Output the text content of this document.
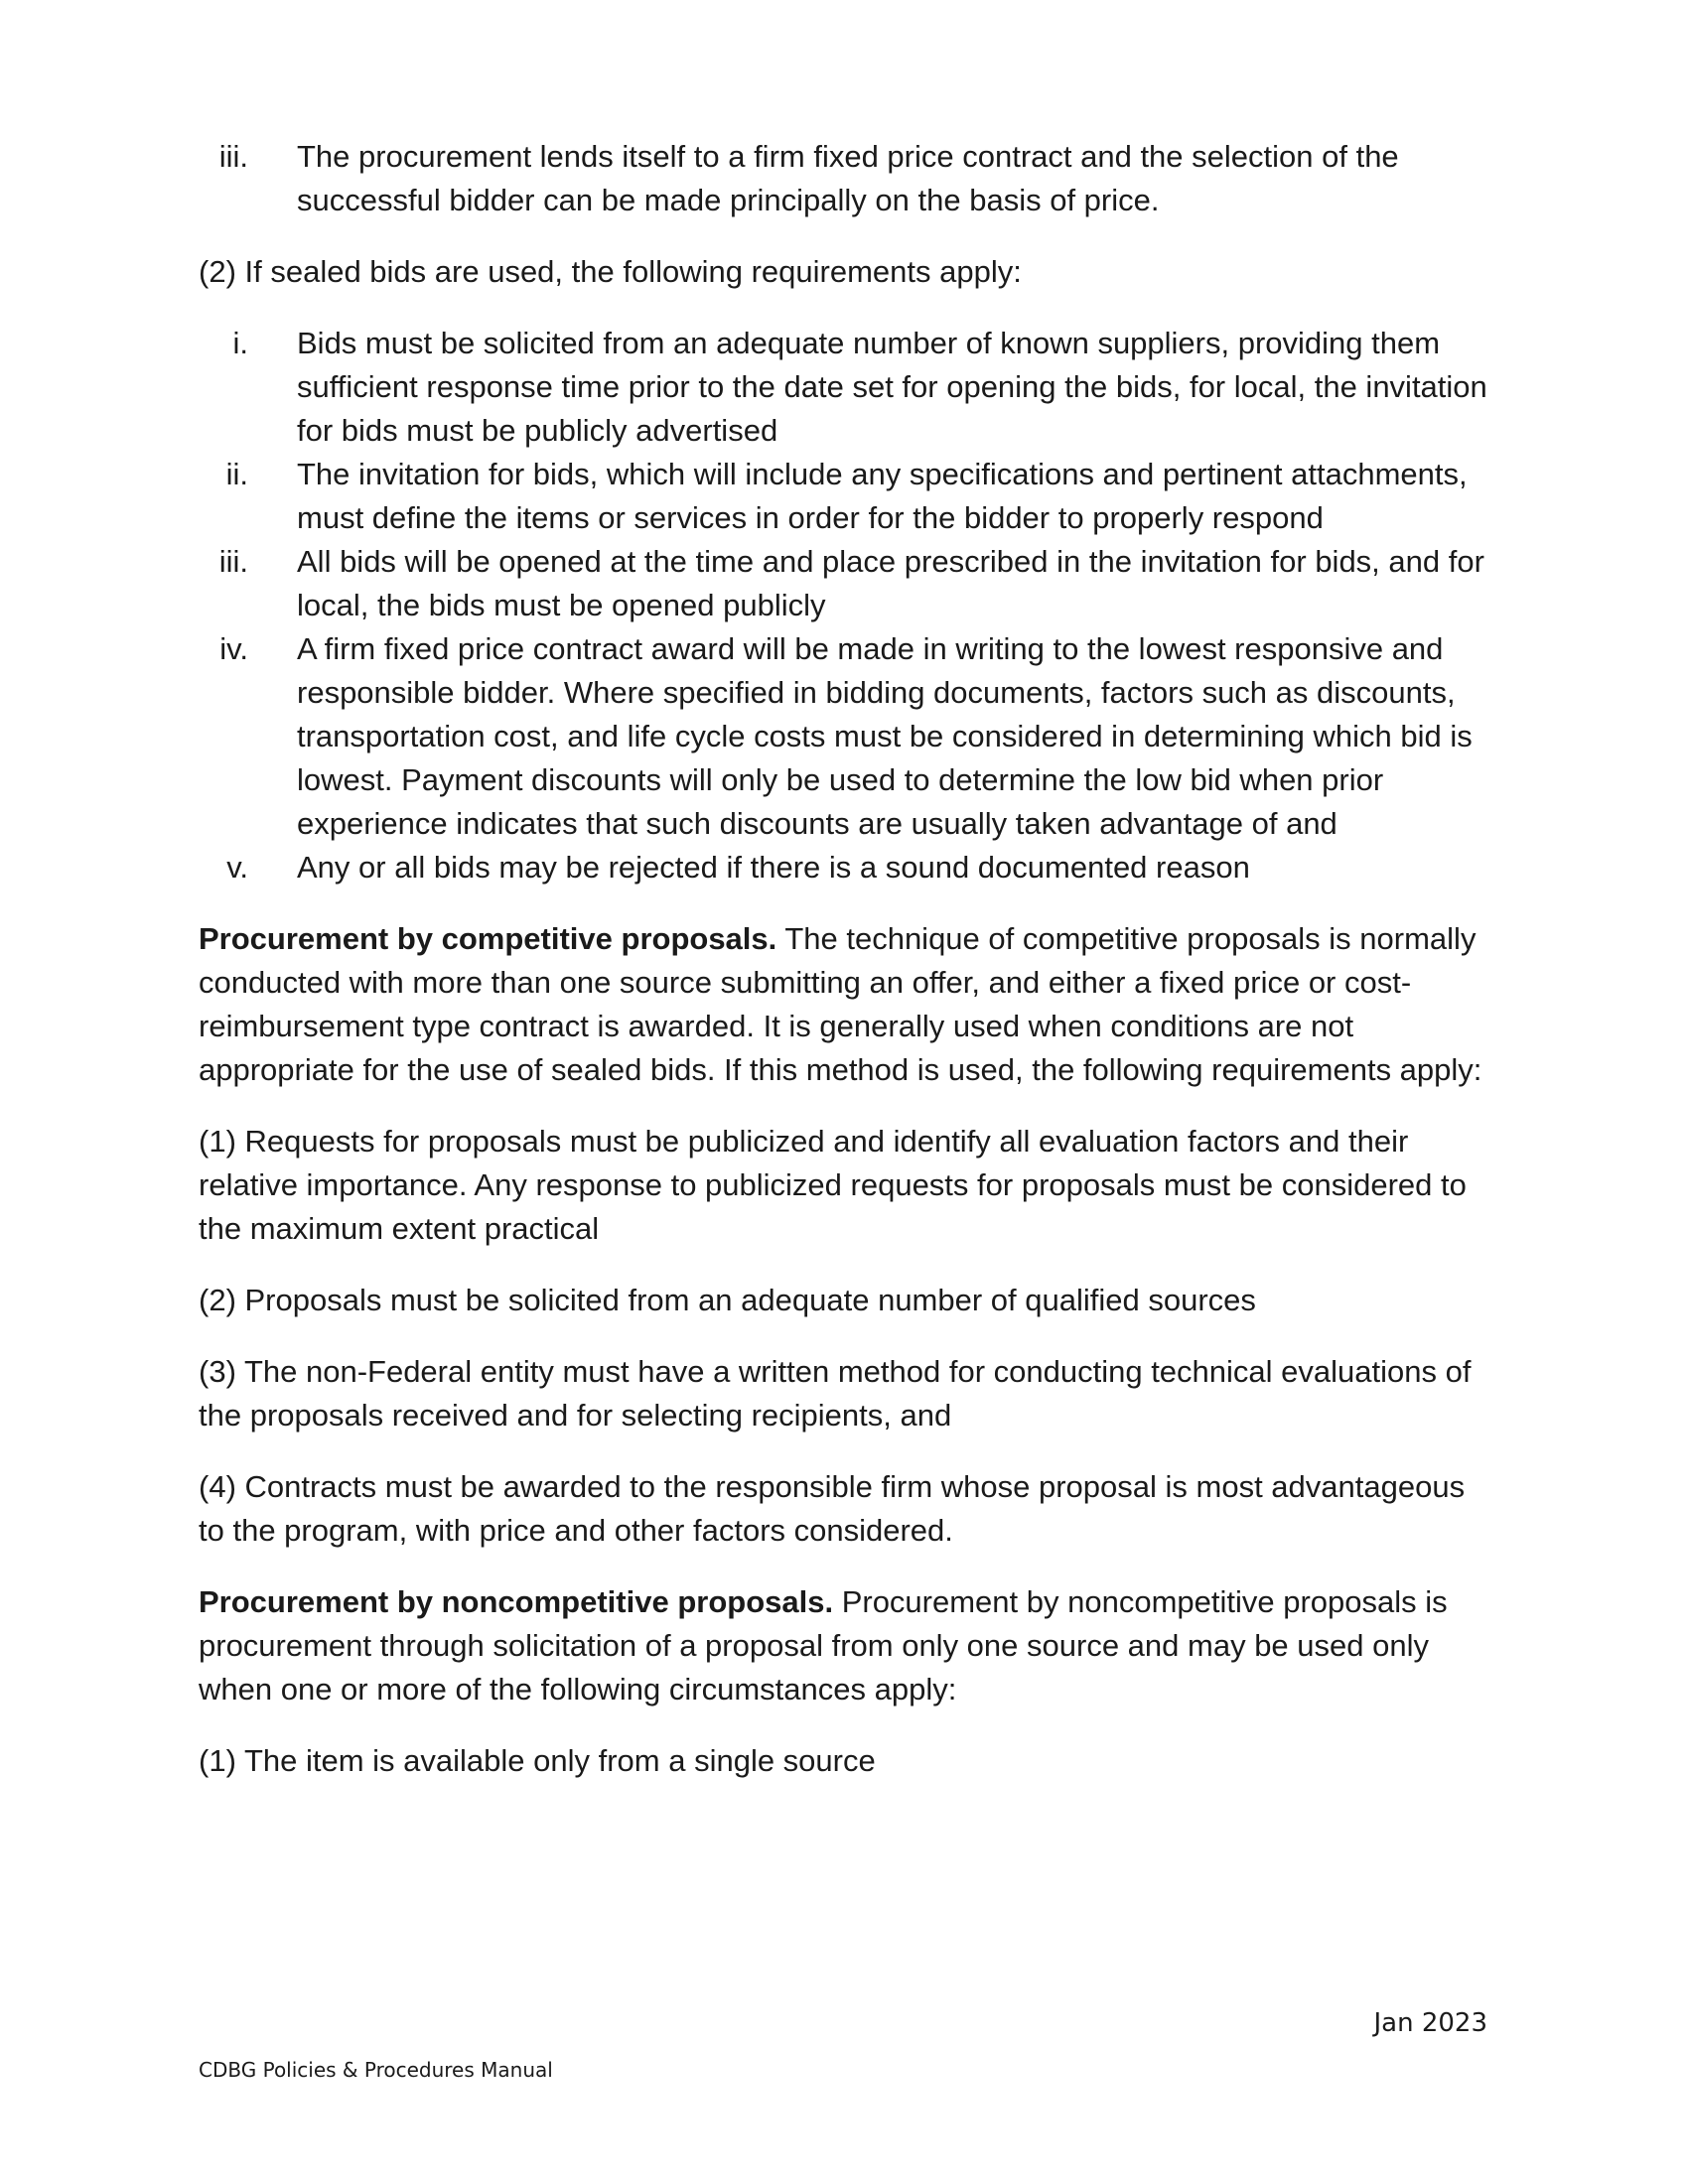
iii. The procurement lends itself to a firm fixed price contract and the selection of the successful bidder can be made principally on the basis of price.
(2) If sealed bids are used, the following requirements apply:
i. Bids must be solicited from an adequate number of known suppliers, providing them sufficient response time prior to the date set for opening the bids, for local, the invitation for bids must be publicly advertised
ii. The invitation for bids, which will include any specifications and pertinent attachments, must define the items or services in order for the bidder to properly respond
iii. All bids will be opened at the time and place prescribed in the invitation for bids, and for local, the bids must be opened publicly
iv. A firm fixed price contract award will be made in writing to the lowest responsive and responsible bidder. Where specified in bidding documents, factors such as discounts, transportation cost, and life cycle costs must be considered in determining which bid is lowest. Payment discounts will only be used to determine the low bid when prior experience indicates that such discounts are usually taken advantage of and
v. Any or all bids may be rejected if there is a sound documented reason
Procurement by competitive proposals. The technique of competitive proposals is normally conducted with more than one source submitting an offer, and either a fixed price or cost-reimbursement type contract is awarded. It is generally used when conditions are not appropriate for the use of sealed bids. If this method is used, the following requirements apply:
(1) Requests for proposals must be publicized and identify all evaluation factors and their relative importance. Any response to publicized requests for proposals must be considered to the maximum extent practical
(2) Proposals must be solicited from an adequate number of qualified sources
(3) The non-Federal entity must have a written method for conducting technical evaluations of the proposals received and for selecting recipients, and
(4) Contracts must be awarded to the responsible firm whose proposal is most advantageous to the program, with price and other factors considered.
Procurement by noncompetitive proposals. Procurement by noncompetitive proposals is procurement through solicitation of a proposal from only one source and may be used only when one or more of the following circumstances apply:
(1) The item is available only from a single source
Jan 2023
CDBG Policies & Procedures Manual
